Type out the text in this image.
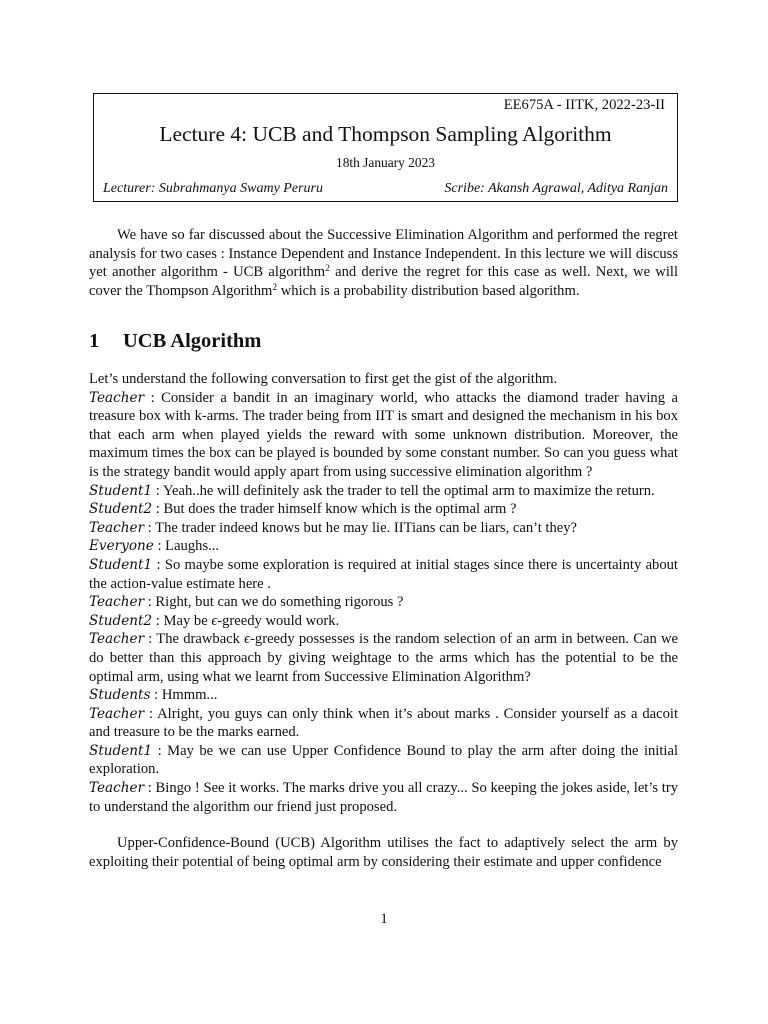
EE675A - IITK, 2022-23-II
Lecture 4: UCB and Thompson Sampling Algorithm
18th January 2023
Lecturer: Subrahmanya Swamy Peruru	Scribe: Akansh Agrawal, Aditya Ranjan

We have so far discussed about the Successive Elimination Algorithm and performed the regret analysis for two cases : Instance Dependent and Instance Independent. In this lecture we will discuss yet another algorithm - UCB algorithm$^2$ and derive the regret for this case as well. Next, we will cover the Thompson Algorithm$^2$ which is a probability distribution based algorithm.

1 UCB Algorithm

Let’s understand the following conversation to first get the gist of the algorithm.

Teacher : Consider a bandit in an imaginary world, who attacks the diamond trader having a treasure box with k-arms. The trader being from IIT is smart and designed the mechanism in his box that each arm when played yields the reward with some unknown distribution. Moreover, the maximum times the box can be played is bounded by some constant number. So can you guess what is the strategy bandit would apply apart from using successive elimination algorithm ?

Student1 : Yeah..he will definitely ask the trader to tell the optimal arm to maximize the return.

Student2 : But does the trader himself know which is the optimal arm ?

Teacher : The trader indeed knows but he may lie. IITians can be liars, can’t they?

Everyone : Laughs...

Student1 : So maybe some exploration is required at initial stages since there is uncertainty about the action-value estimate here .

Teacher : Right, but can we do something rigorous ?

Student2 : May be ϵ-greedy would work.

Teacher : The drawback ϵ-greedy possesses is the random selection of an arm in between. Can we do better than this approach by giving weightage to the arms which has the potential to be the optimal arm, using what we learnt from Successive Elimination Algorithm?

Students : Hmmm...

Teacher : Alright, you guys can only think when it’s about marks . Consider yourself as a dacoit and treasure to be the marks earned.

Student1 : May be we can use Upper Confidence Bound to play the arm after doing the initial exploration.

Teacher : Bingo ! See it works. The marks drive you all crazy... So keeping the jokes aside, let’s try to understand the algorithm our friend just proposed.

Upper-Confidence-Bound (UCB) Algorithm utilises the fact to adaptively select the arm by exploiting their potential of being optimal arm by considering their estimate and upper confidence

1
